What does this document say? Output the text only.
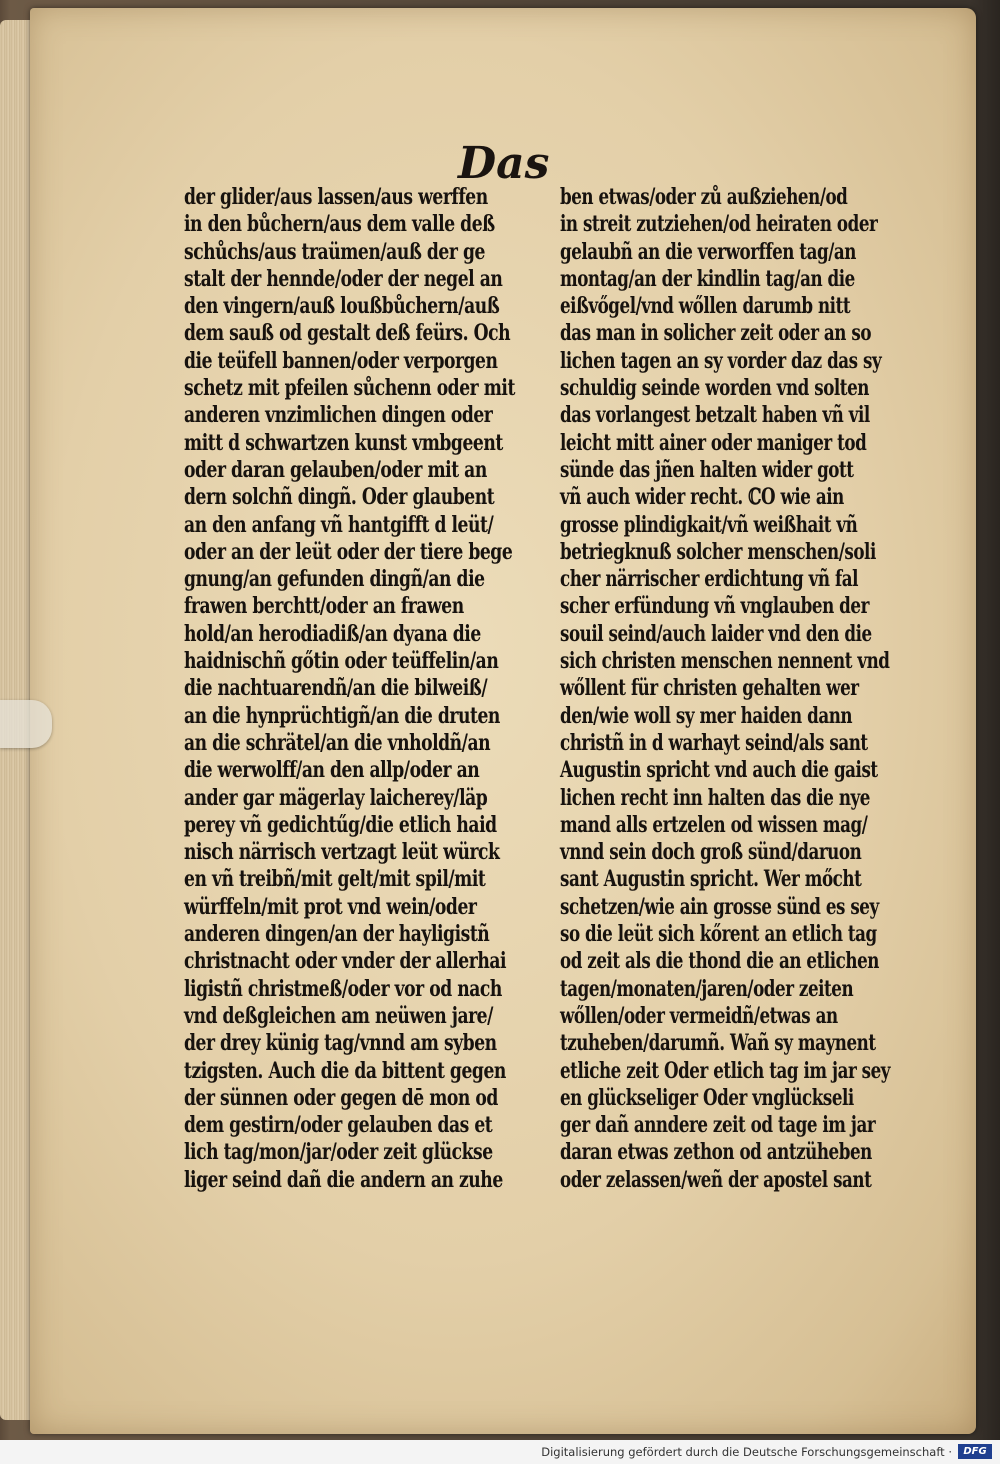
Das
der glider/aus lassen/aus werffen
in den bůchern/aus dem valle deß
schůchs/aus traümen/auß der ge
stalt der hennde/oder der negel an
den vingern/auß loußbůchern/auß
dem sauß od gestalt deß feürs. Och
die teüfell bannen/oder verporgen
schetz mit pfeilen sůchenn oder mit
anderen vnzimlichen dingen oder
mitt d schwartzen kunst vmbgeent
oder daran gelauben/oder mit an
dern solchñ dingñ. Oder glaubent
an den anfang vñ hantgifft d leüt/
oder an der leüt oder der tiere bege
gnung/an gefunden dingñ/an die
frawen berchtt/oder an frawen
hold/an herodiadiß/an dyana die
haidnischñ gőtin oder teüffelin/an
die nachtuarendñ/an die bilweiß/
an die hynprüchtigñ/an die druten
an die schrätel/an die vnholdñ/an
die werwolff/an den allp/oder an
ander gar mägerlay laicherey/läp
perey vñ gedichtűg/die etlich haid
nisch närrisch vertzagt leüt würck
en vñ treibñ/mit gelt/mit spil/mit
würffeln/mit prot vnd wein/oder
anderen dingen/an der hayligistñ
christnacht oder vnder der allerhai
ligistñ christmeß/oder vor od nach
vnd deßgleichen am neüwen jare/
der drey künig tag/vnnd am syben
tzigsten. Auch die da bittent gegen
der sünnen oder gegen dē mon od
dem gestirn/oder gelauben das et
lich tag/mon/jar/oder zeit glückse
liger seind dañ die andern an zuhe
ben etwas/oder zů außziehen/od
in streit zutziehen/od heiraten oder
gelaubñ an die verworffen tag/an
montag/an der kindlin tag/an die
eißvőgel/vnd wőllen darumb nitt
das man in solicher zeit oder an so
lichen tagen an sy vorder daz das sy
schuldig seinde worden vnd solten
das vorlangest betzalt haben vñ vil
leicht mitt ainer oder maniger tod
sünde das jñen halten wider gott
vñ auch wider recht. ℂO wie ain
grosse plindigkait/vñ weißhait vñ
betriegknuß solcher menschen/soli
cher närrischer erdichtung vñ fal
scher erfündung vñ vnglauben der
souil seind/auch laider vnd den die
sich christen menschen nennent vnd
wőllent für christen gehalten wer
den/wie woll sy mer haiden dann
christñ in d warhayt seind/als sant
Augustin spricht vnd auch die gaist
lichen recht inn halten das die nye
mand alls ertzelen od wissen mag/
vnnd sein doch groß sünd/daruon
sant Augustin spricht. Wer mőcht
schetzen/wie ain grosse sünd es sey
so die leüt sich kőrent an etlich tag
od zeit als die thond die an etlichen
tagen/monaten/jaren/oder zeiten
wőllen/oder vermeidñ/etwas an
tzuheben/darumñ. Wañ sy maynent
etliche zeit Oder etlich tag im jar sey
en glückseliger Oder vnglückseli
ger dañ anndere zeit od tage im jar
daran etwas zethon od antzüheben
oder zelassen/weñ der apostel sant
Digitalisierung gefördert durch die Deutsche Forschungsgemeinschaft ·	DFG
